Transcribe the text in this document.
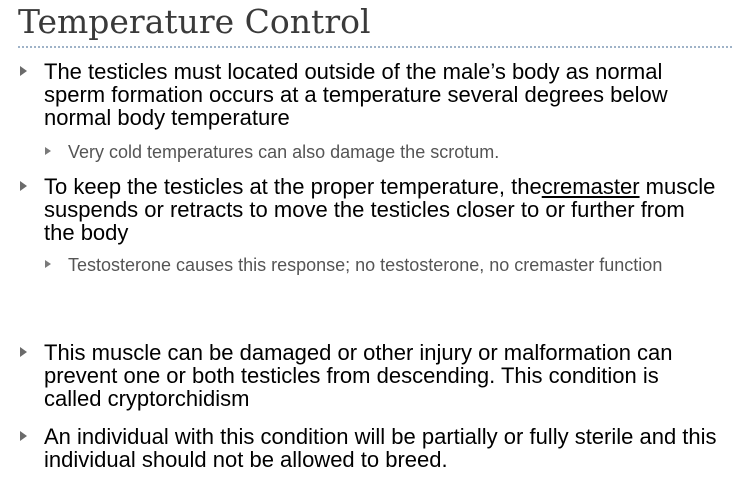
Temperature Control
The testicles must located outside of the male’s body as normal sperm formation occurs at a temperature several degrees below normal body temperature
Very cold temperatures can also damage the scrotum.
To keep the testicles at the proper temperature, thecremaster muscle suspends or retracts to move the testicles closer to or further from the body
Testosterone causes this response; no testosterone, no cremaster function
This muscle can be damaged or other injury or malformation can prevent one or both testicles from descending. This condition is called cryptorchidism
An individual with this condition will be partially or fully sterile and this individual should not be allowed to breed.
